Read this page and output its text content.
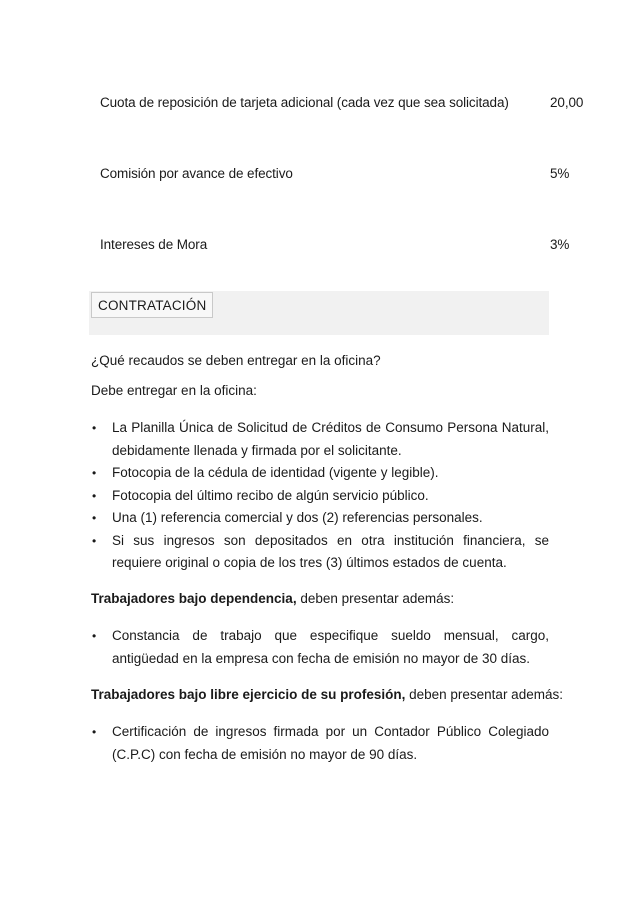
Cuota de reposición de tarjeta adicional (cada vez que sea solicitada)	20,00
Comisión por avance de efectivo	5%
Intereses de Mora	3%
CONTRATACIÓN
¿Qué recaudos se deben entregar en la oficina?
Debe entregar en la oficina:
• La Planilla Única de Solicitud de Créditos de Consumo Persona Natural, debidamente llenada y firmada por el solicitante.
• Fotocopia de la cédula de identidad (vigente y legible).
• Fotocopia del último recibo de algún servicio público.
• Una (1) referencia comercial y dos (2) referencias personales.
• Si sus ingresos son depositados en otra institución financiera, se requiere original o copia de los tres (3) últimos estados de cuenta.
Trabajadores bajo dependencia, deben presentar además:
• Constancia de trabajo que especifique sueldo mensual, cargo, antigüedad en la empresa con fecha de emisión no mayor de 30 días.
Trabajadores bajo libre ejercicio de su profesión, deben presentar además:
• Certificación de ingresos firmada por un Contador Público Colegiado (C.P.C) con fecha de emisión no mayor de 90 días.
